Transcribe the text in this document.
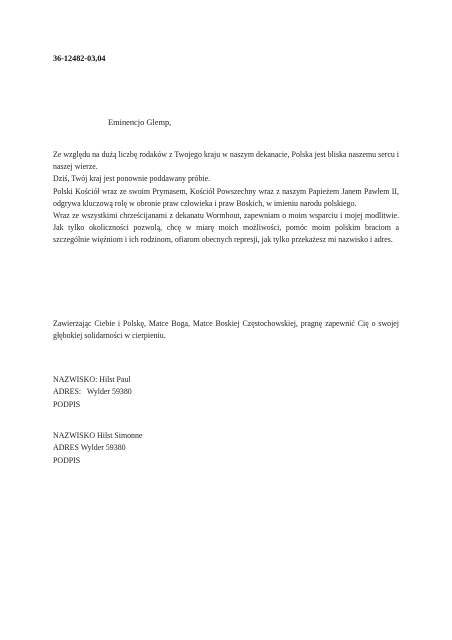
36-12482-03,04
Eminencjo Glemp,

Ze względu na dużą liczbę rodaków z Twojego kraju w naszym dekanacie, Polska jest bliska naszemu sercu i naszej wierze.

Dziś, Twój kraj jest ponownie poddawany próbie.

Polski Kościół wraz ze swoim Prymasem, Kościół Powszechny wraz z naszym Papieżem Janem Pawłem II, odgrywa kluczową rolę w obronie praw człowieka i praw Boskich, w imieniu narodu polskiego.

Wraz ze wszystkimi chrześcijanami z dekanatu Wormhout, zapewniam o moim wsparciu i mojej modlitwie. Jak tylko okoliczności pozwolą, chcę w miarę moich możliwości, pomóc moim polskim braciom a szczególnie więźniom i ich rodzinom, ofiarom obecnych represji, jak tylko przekażesz mi nazwisko i adres.

Zawierzając Ciebie i Polskę, Matce Boga, Matce Boskiej Częstochowskiej, pragnę zapewnić Cię o swojej głębokiej solidarności w cierpieniu.
NAZWISKO: Hilst Paul
ADRES:   Wylder 59380
PODPIS
NAZWISKO Hilst Simonne
ADRES Wylder 59380
PODPIS
